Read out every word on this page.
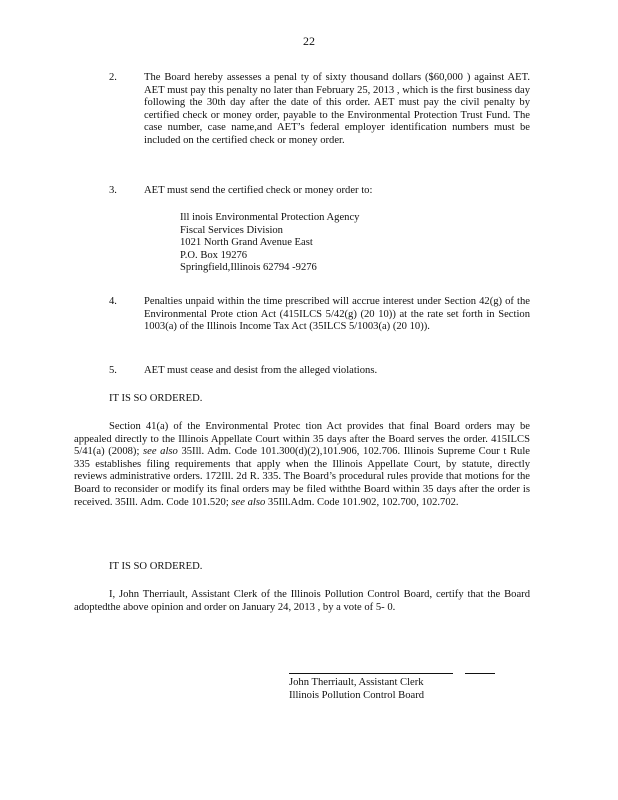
22
2.	The Board hereby assesses a penal ty of sixty thousand dollars ($60,000 ) against AET. AET must pay this penalty no later than February 25, 2013 , which is the first business day following the 30th day after the date of this order. AET must pay the civil penalty by certified check or money order, payable to the Environmental Protection Trust Fund. The case number, case name,and AET’s federal employer identification numbers must be included on the certified check or money order.
3.	AET must send the certified check or money order to:
Ill inois Environmental Protection Agency
Fiscal Services Division
1021 North Grand Avenue East
P.O. Box 19276
Springfield,Illinois 62794 -9276
4.	Penalties unpaid within the time prescribed will accrue interest under Section 42(g) of the Environmental Prote ction Act (415ILCS 5/42(g) (20 10)) at the rate set forth in Section 1003(a) of the Illinois Income Tax Act (35ILCS 5/1003(a) (20 10)).
5.	AET must cease and desist from the alleged violations.
IT IS SO ORDERED.
Section 41(a) of the Environmental Protec tion Act provides that final Board orders may be appealed directly to the Illinois Appellate Court within 35 days after the Board serves the order. 415ILCS 5/41(a) (2008); see also 35Ill. Adm. Code 101.300(d)(2),101.906, 102.706. Illinois Supreme Cour t Rule 335 establishes filing requirements that apply when the Illinois Appellate Court, by statute, directly reviews administrative orders. 172Ill. 2d R. 335. The Board’s procedural rules provide that motions for the Board to reconsider or modify its final orders may be filed withthe Board within 35 days after the order is received. 35Ill. Adm. Code 101.520; see also 35Ill.Adm. Code 101.902, 102.700, 102.702.
IT IS SO ORDERED.
I, John Therriault, Assistant Clerk of the Illinois Pollution Control Board, certify that the Board adoptedthe above opinion and order on January 24, 2013 , by a vote of 5- 0.
John Therriault, Assistant Clerk
Illinois Pollution Control Board
